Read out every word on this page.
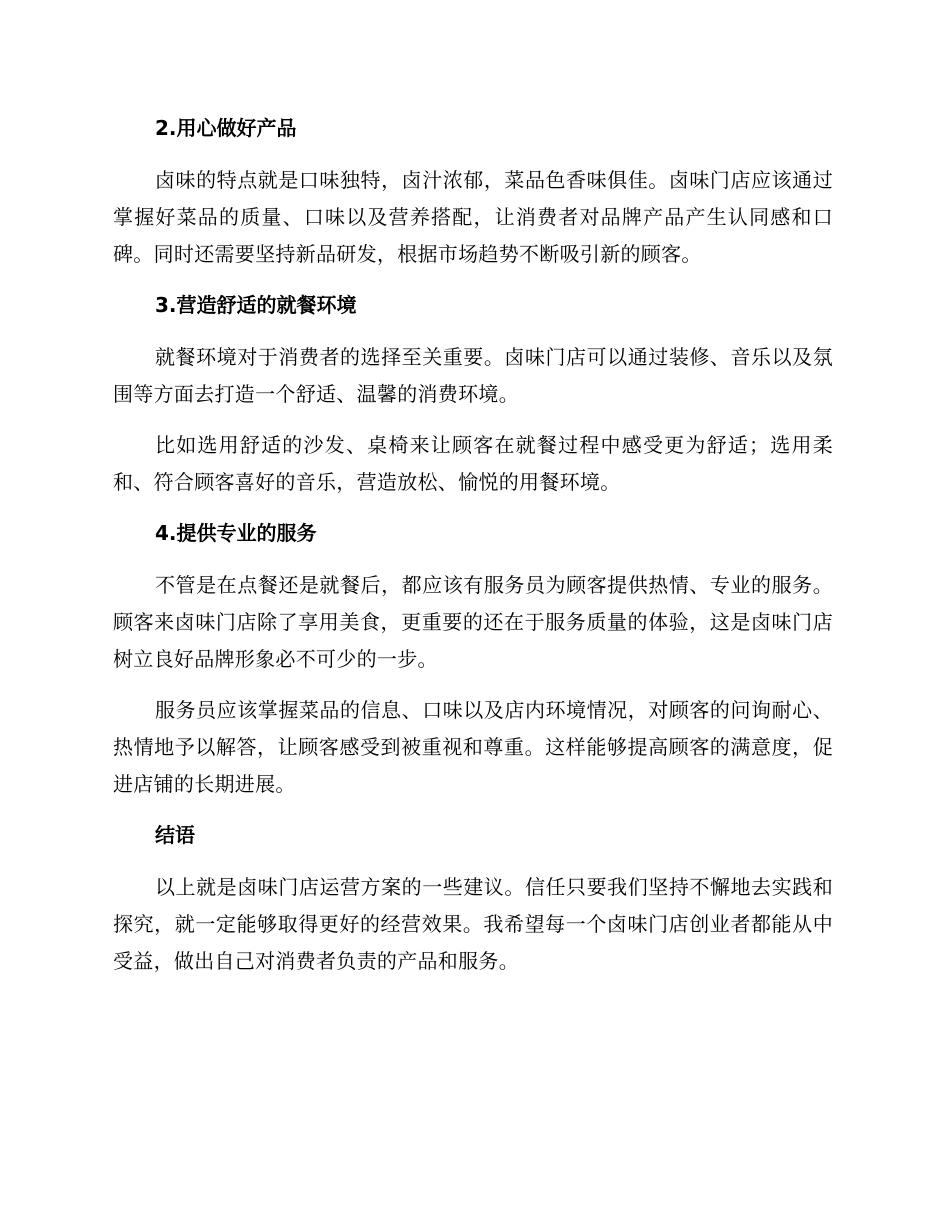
2.用心做好产品

卤味的特点就是口味独特，卤汁浓郁，菜品色香味俱佳。卤味门店应该通过掌握好菜品的质量、口味以及营养搭配，让消费者对品牌产品产生认同感和口碑。同时还需要坚持新品研发，根据市场趋势不断吸引新的顾客。

3.营造舒适的就餐环境

就餐环境对于消费者的选择至关重要。卤味门店可以通过装修、音乐以及氛围等方面去打造一个舒适、温馨的消费环境。

比如选用舒适的沙发、桌椅来让顾客在就餐过程中感受更为舒适；选用柔和、符合顾客喜好的音乐，营造放松、愉悦的用餐环境。

4.提供专业的服务

不管是在点餐还是就餐后，都应该有服务员为顾客提供热情、专业的服务。顾客来卤味门店除了享用美食，更重要的还在于服务质量的体验，这是卤味门店树立良好品牌形象必不可少的一步。

服务员应该掌握菜品的信息、口味以及店内环境情况，对顾客的问询耐心、热情地予以解答，让顾客感受到被重视和尊重。这样能够提高顾客的满意度，促进店铺的长期进展。

结语

以上就是卤味门店运营方案的一些建议。信任只要我们坚持不懈地去实践和探究，就一定能够取得更好的经营效果。我希望每一个卤味门店创业者都能从中受益，做出自己对消费者负责的产品和服务。
